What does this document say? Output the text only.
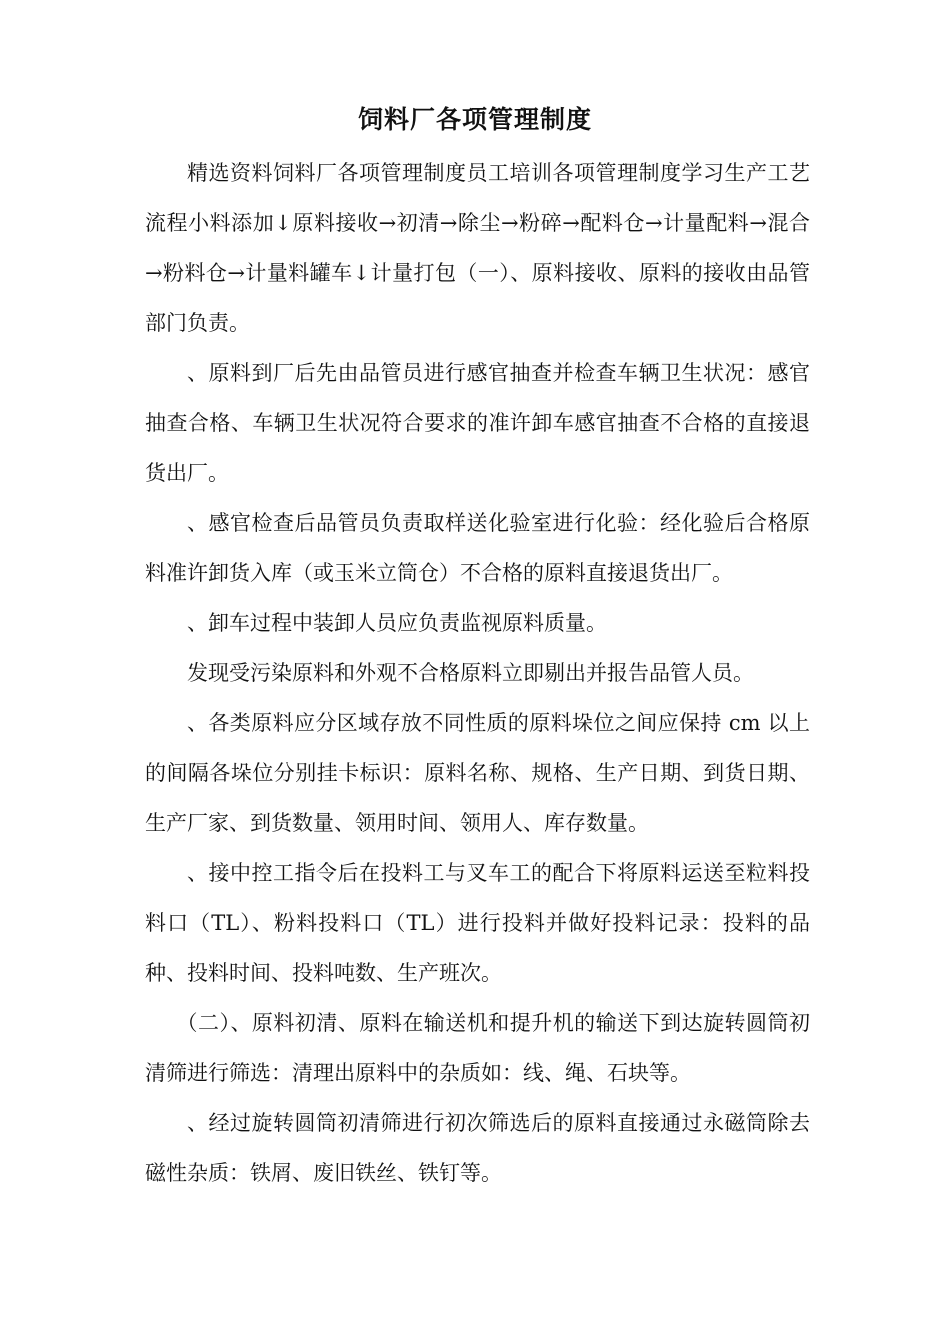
饲料厂各项管理制度

精选资料饲料厂各项管理制度员工培训各项管理制度学习生产工艺流程小料添加↓原料接收→初清→除尘→粉碎→配料仓→计量配料→混合→粉料仓→计量料罐车↓计量打包（一）、原料接收、原料的接收由品管部门负责。

、原料到厂后先由品管员进行感官抽查并检查车辆卫生状况：感官抽查合格、车辆卫生状况符合要求的准许卸车感官抽查不合格的直接退货出厂。

、感官检查后品管员负责取样送化验室进行化验：经化验后合格原料准许卸货入库（或玉米立筒仓）不合格的原料直接退货出厂。

、卸车过程中装卸人员应负责监视原料质量。

发现受污染原料和外观不合格原料立即剔出并报告品管人员。

、各类原料应分区域存放不同性质的原料垛位之间应保持 cm 以上的间隔各垛位分别挂卡标识：原料名称、规格、生产日期、到货日期、生产厂家、到货数量、领用时间、领用人、库存数量。

、接中控工指令后在投料工与叉车工的配合下将原料运送至粒料投料口（TL）、粉料投料口（TL）进行投料并做好投料记录：投料的品种、投料时间、投料吨数、生产班次。

（二）、原料初清、原料在输送机和提升机的输送下到达旋转圆筒初清筛进行筛选：清理出原料中的杂质如：线、绳、石块等。

、经过旋转圆筒初清筛进行初次筛选后的原料直接通过永磁筒除去磁性杂质：铁屑、废旧铁丝、铁钉等。
